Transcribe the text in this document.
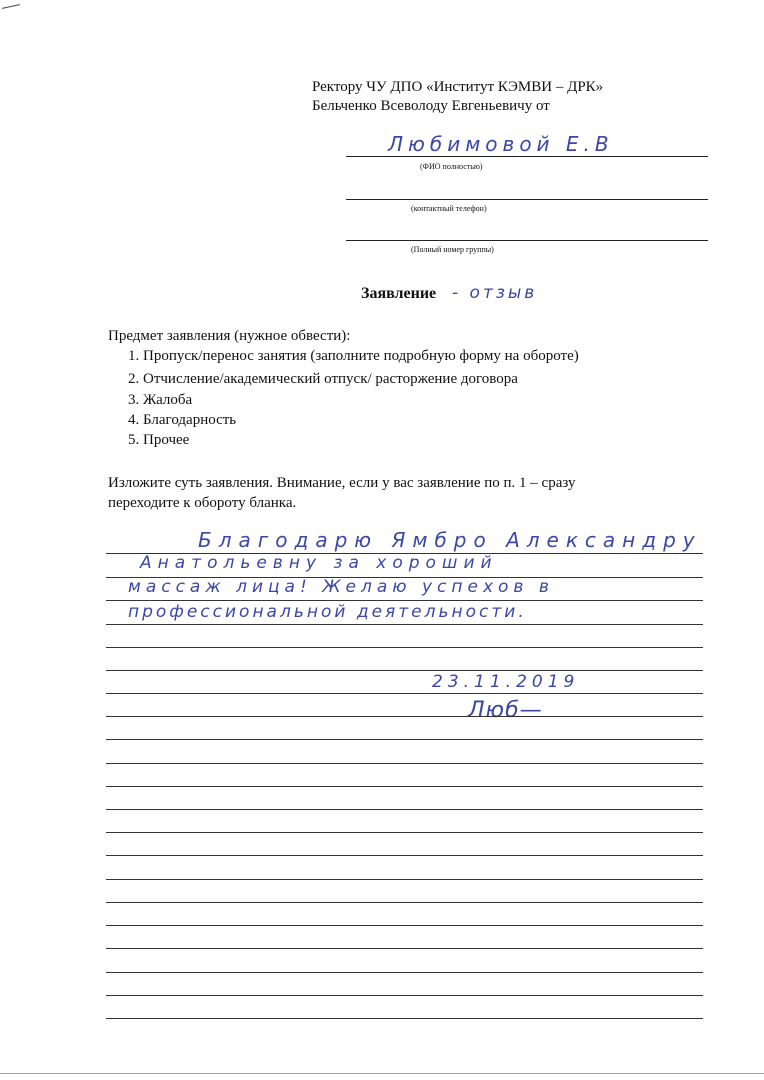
Ректору ЧУ ДПО «Институт КЭМВИ – ДРК»
Бельченко Всеволоду Евгеньевичу от
Любимовой Е.В
(ФИО полностью)
(контактный телефон)
(Полный номер группы)
Заявление - отзыв
Предмет заявления (нужное обвести):
1. Пропуск/перенос занятия (заполните подробную форму на обороте)
2. Отчисление/академический отпуск/ расторжение договора
3. Жалоба
4. Благодарность
5. Прочее
Изложите суть заявления. Внимание, если у вас заявление по п. 1 – сразу
переходите к обороту бланка.
Благодарю Ямбро Александру
Анатольевну за хороший
массаж лица! Желаю успехов в
профессиональной деятельности.
23.11.2019
Люб—
